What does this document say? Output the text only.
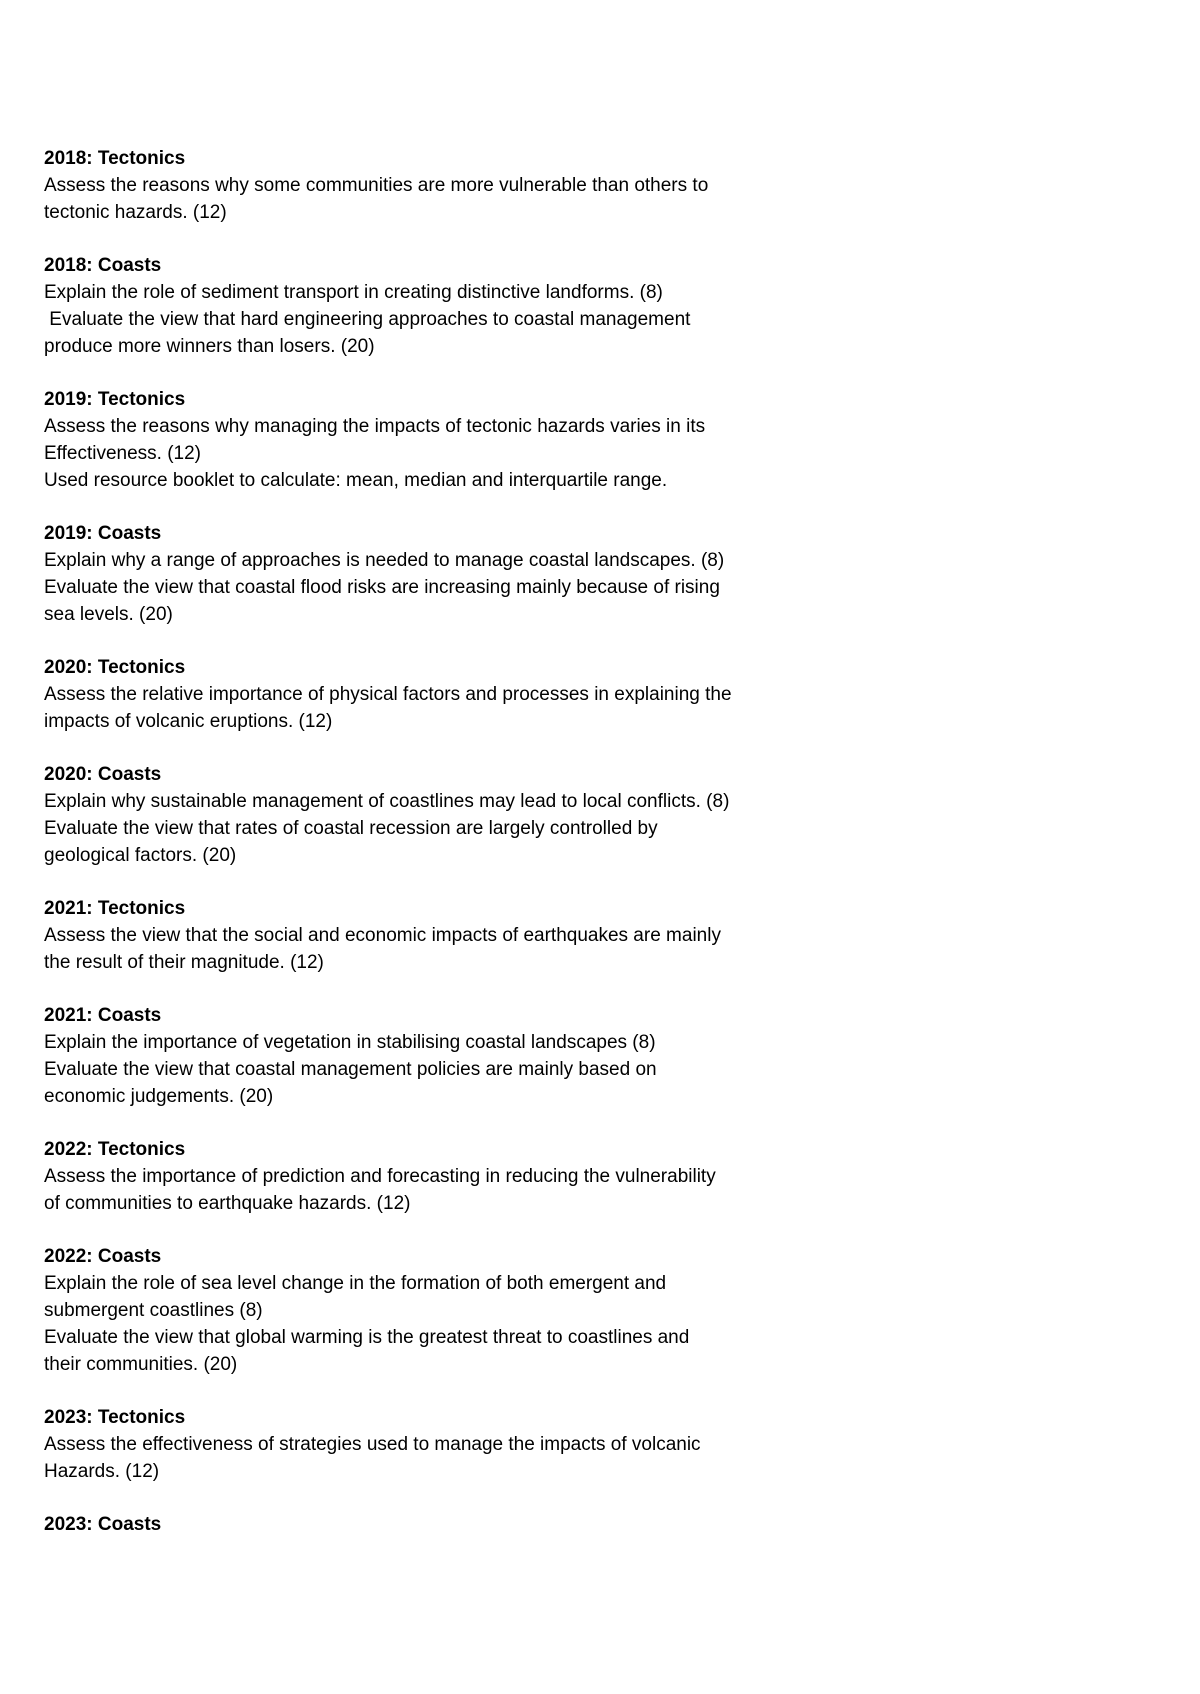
2018: Tectonics
Assess the reasons why some communities are more vulnerable than others to
tectonic hazards. (12)
2018: Coasts
Explain the role of sediment transport in creating distinctive landforms. (8)
Evaluate the view that hard engineering approaches to coastal management
produce more winners than losers. (20)
2019: Tectonics
Assess the reasons why managing the impacts of tectonic hazards varies in its
Effectiveness. (12)
Used resource booklet to calculate: mean, median and interquartile range.
2019: Coasts
Explain why a range of approaches is needed to manage coastal landscapes. (8)
Evaluate the view that coastal flood risks are increasing mainly because of rising
sea levels. (20)
2020: Tectonics
Assess the relative importance of physical factors and processes in explaining the
impacts of volcanic eruptions. (12)
2020: Coasts
Explain why sustainable management of coastlines may lead to local conflicts. (8)
Evaluate the view that rates of coastal recession are largely controlled by
geological factors. (20)
2021: Tectonics
Assess the view that the social and economic impacts of earthquakes are mainly
the result of their magnitude. (12)
2021: Coasts
Explain the importance of vegetation in stabilising coastal landscapes (8)
Evaluate the view that coastal management policies are mainly based on
economic judgements. (20)
2022: Tectonics
Assess the importance of prediction and forecasting in reducing the vulnerability
of communities to earthquake hazards. (12)
2022: Coasts
Explain the role of sea level change in the formation of both emergent and
submergent coastlines (8)
Evaluate the view that global warming is the greatest threat to coastlines and
their communities. (20)
2023: Tectonics
Assess the effectiveness of strategies used to manage the impacts of volcanic
Hazards. (12)
2023: Coasts
